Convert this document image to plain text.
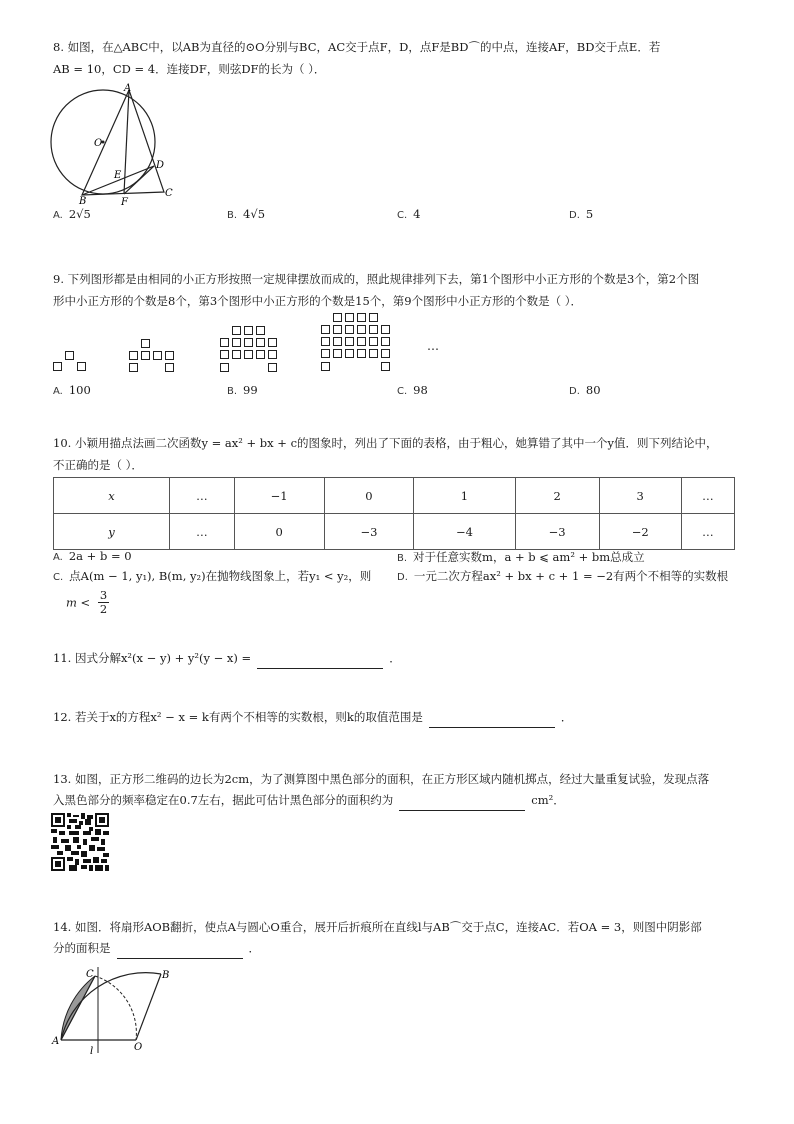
8. 如图，在△ABC中，以AB为直径的⊙O分别与BC，AC交于点F，D，点F是BD⌒的中点，连接AF，BD交于点E．若
AB = 10，CD = 4．连接DF，则弦DF的长为（ ）．
A
O
D
E
B	F
C
A. 2√5	B. 4√5	C. 4	D. 5
9. 下列图形都是由相同的小正方形按照一定规律摆放而成的，照此规律排列下去，第1个图形中小正方形的个数是3个，第2个图
形中小正方形的个数是8个，第3个图形中小正方形的个数是15个，第9个图形中小正方形的个数是（ ）．
…
A. 100	B. 99	C. 98	D. 80
10. 小颖用描点法画二次函数y = ax² + bx + c的图象时，列出了下面的表格，由于粗心，她算错了其中一个y值．则下列结论中，
不正确的是（ ）．
x	…	−1	0	1	2	3	…
y	…	0	−3	−4	−3	−2	…
A. 2a + b = 0	B. 对于任意实数m，a + b ⩽ am² + bm总成立
C. 点A(m − 1, y₁), B(m, y₂)在抛物线图象上，若y₁ < y₂，则
$m < \frac{3}{2}$
D. 一元二次方程ax² + bx + c + 1 = −2有两个不相等的实数根
11. 因式分解x²(x − y) + y²(y − x) =	．
12. 若关于x的方程x² − x = k有两个不相等的实数根，则k的取值范围是	．
13. 如图，正方形二维码的边长为2cm，为了测算图中黑色部分的面积，在正方形区域内随机掷点，经过大量重复试验，发现点落
入黑色部分的频率稳定在0.7左右，据此可估计黑色部分的面积约为	cm²．
14. 如图．将扇形AOB翻折，使点A与圆心O重合，展开后折痕所在直线l与AB⌒交于点C，连接AC．若OA = 3，则图中阴影部
分的面积是	．
C	B
A
l	O
